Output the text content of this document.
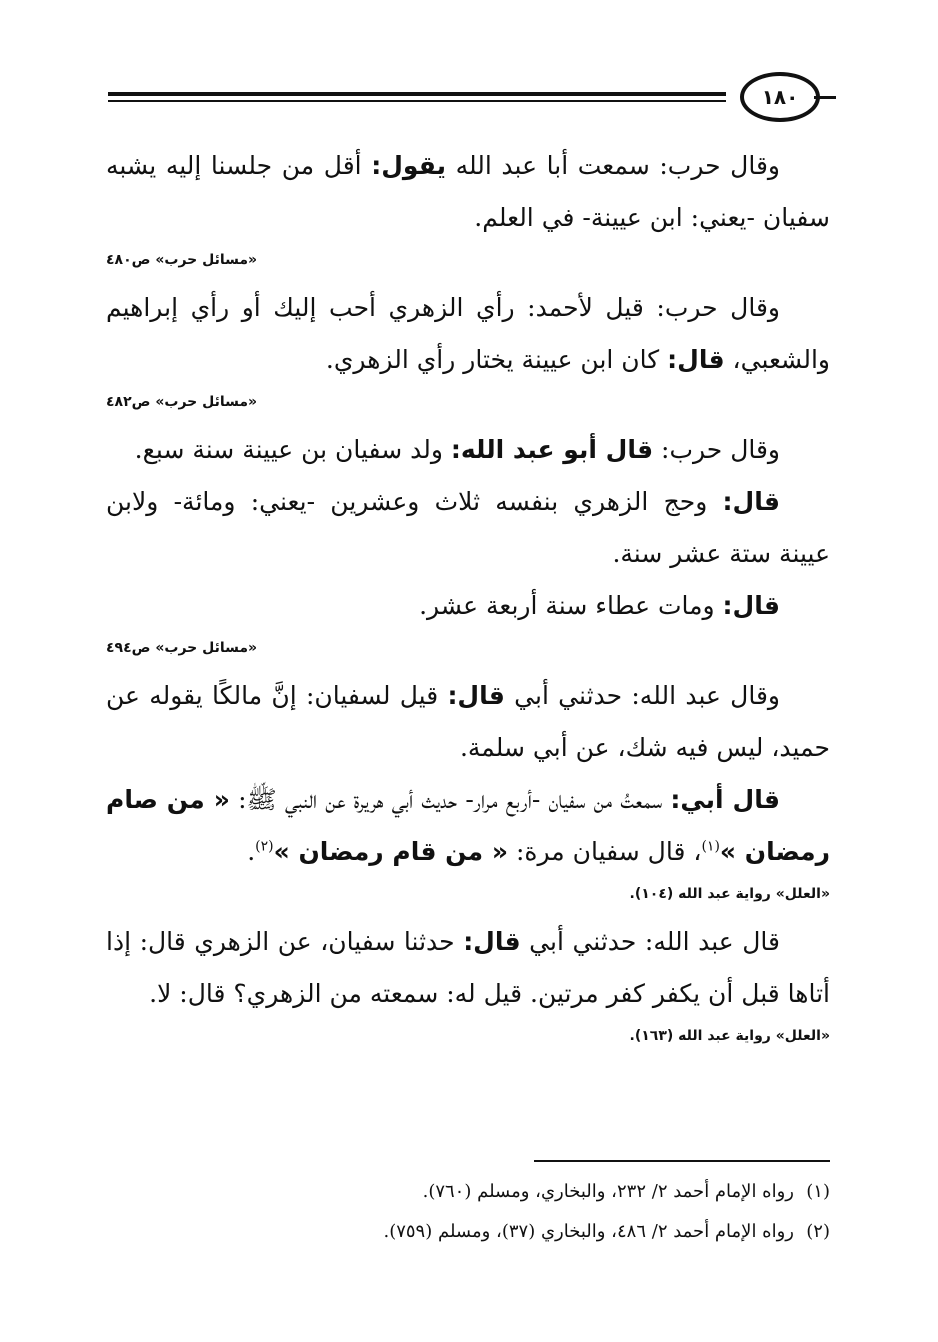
١٨٠

وقال حرب: سمعت أبا عبد الله يقول: أقل من جلسنا إليه يشبه سفيان -يعني: ابن عيينة- في العلم.

«مسائل حرب» ص٤٨٠

وقال حرب: قيل لأحمد: رأي الزهري أحب إليك أو رأي إبراهيم والشعبي، قال: كان ابن عيينة يختار رأي الزهري.

«مسائل حرب» ص٤٨٢

وقال حرب: قال أبو عبد الله: ولد سفيان بن عيينة سنة سبع.

قال: وحج الزهري بنفسه ثلاث وعشرين -يعني: ومائة- ولابن عيينة ستة عشر سنة.

قال: ومات عطاء سنة أربعة عشر.

«مسائل حرب» ص٤٩٤

وقال عبد الله: حدثني أبي قال: قيل لسفيان: إنَّ مالكًا يقوله عن حميد، ليس فيه شك، عن أبي سلمة.

قال أبي: سمعتُ من سفيان -أربع مرار- حديث أبي هريرة عن النبي ﷺ: « من صام رمضان »$^{(١)}$، قال سفيان مرة: « من قام رمضان »$^{(٢)}$.

«العلل» رواية عبد الله (١٠٤).

قال عبد الله: حدثني أبي قال: حدثنا سفيان، عن الزهري قال: إذا أتاها قبل أن يكفر كفر مرتين. قيل له: سمعته من الزهري؟ قال: لا.

«العلل» رواية عبد الله (١٦٣).

(١)رواه الإمام أحمد ٢/ ٢٣٢، والبخاري، ومسلم (٧٦٠).

(٢)رواه الإمام أحمد ٢/ ٤٨٦، والبخاري (٣٧)، ومسلم (٧٥٩).
